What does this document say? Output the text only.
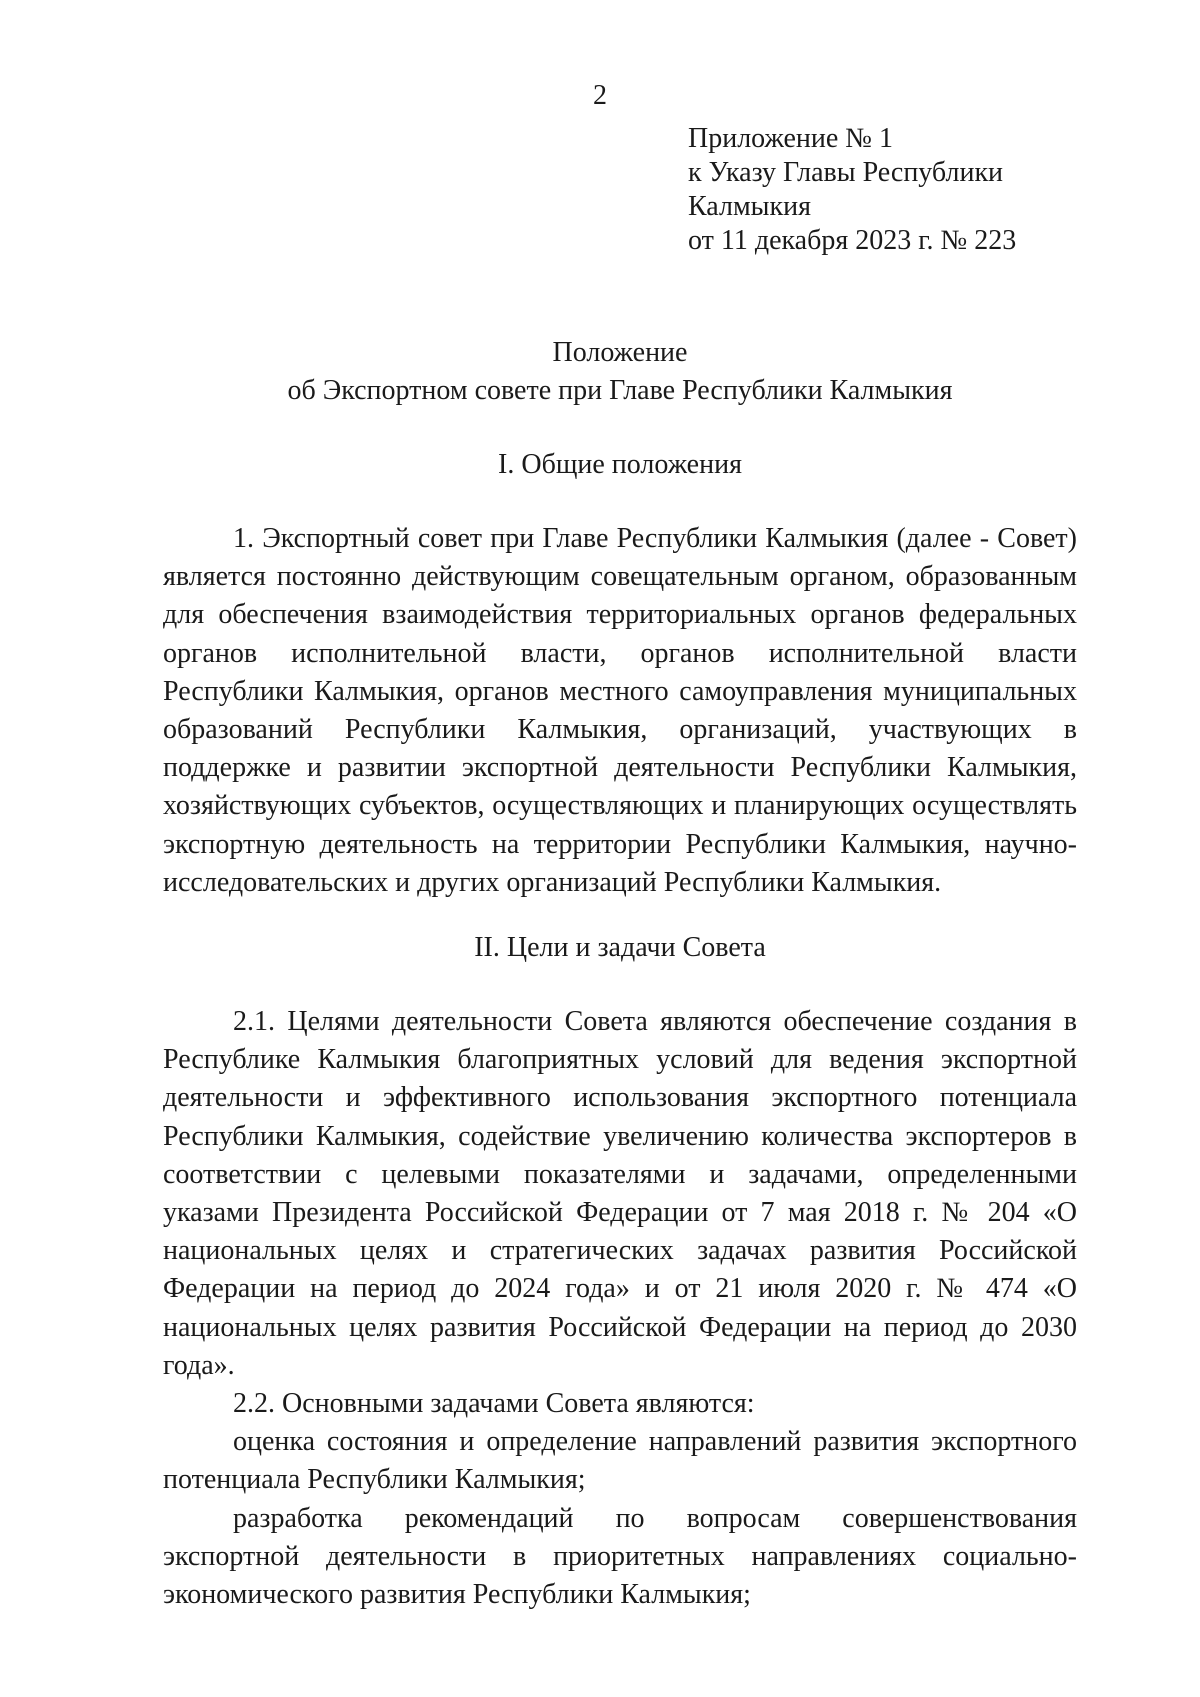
2
Приложение № 1
к Указу Главы Республики
Калмыкия
от 11 декабря 2023 г. № 223
Положение
об Экспортном совете при Главе Республики Калмыкия
I. Общие положения

1. Экспортный совет при Главе Республики Калмыкия (далее - Совет) является постоянно действующим совещательным органом, образованным для обеспечения взаимодействия территориальных органов федеральных органов исполнительной власти, органов исполнительной власти Республики Калмыкия, органов местного самоуправления муниципальных образований Республики Калмыкия, организаций, участвующих в поддержке и развитии экспортной деятельности Республики Калмыкия, хозяйствующих субъектов, осуществляющих и планирующих осуществлять экспортную деятельность на территории Республики Калмыкия, научно-исследовательских и других организаций Республики Калмыкия.

II. Цели и задачи Совета

2.1. Целями деятельности Совета являются обеспечение создания в Республике Калмыкия благоприятных условий для ведения экспортной деятельности и эффективного использования экспортного потенциала Республики Калмыкия, содействие увеличению количества экспортеров в соответствии с целевыми показателями и задачами, определенными указами Президента Российской Федерации от 7 мая 2018 г. № 204 «О национальных целях и стратегических задачах развития Российской Федерации на период до 2024 года» и от 21 июля 2020 г. № 474 «О национальных целях развития Российской Федерации на период до 2030 года».

2.2. Основными задачами Совета являются:

оценка состояния и определение направлений развития экспортного потенциала Республики Калмыкия;

разработка рекомендаций по вопросам совершенствования экспортной деятельности в приоритетных направлениях социально-экономического развития Республики Калмыкия;
